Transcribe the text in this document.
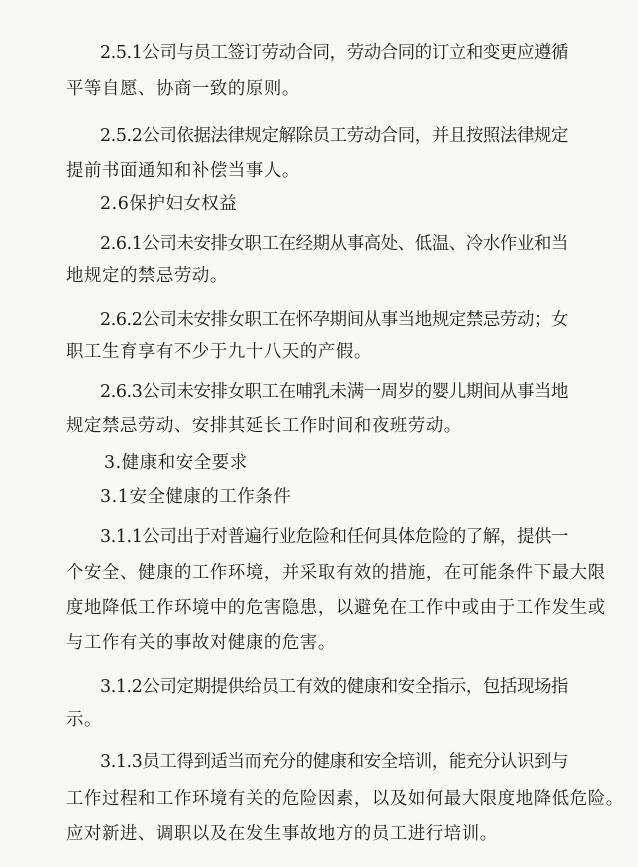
2.5.1公司与员工签订劳动合同，劳动合同的订立和变更应遵循
平等自愿、协商一致的原则。
2.5.2公司依据法律规定解除员工劳动合同，并且按照法律规定
提前书面通知和补偿当事人。
2.6保护妇女权益
2.6.1公司未安排女职工在经期从事高处、低温、冷水作业和当
地规定的禁忌劳动。
2.6.2公司未安排女职工在怀孕期间从事当地规定禁忌劳动；女
职工生育享有不少于九十八天的产假。
2.6.3公司未安排女职工在哺乳未满一周岁的婴儿期间从事当地
规定禁忌劳动、安排其延长工作时间和夜班劳动。
3.健康和安全要求
3.1安全健康的工作条件
3.1.1公司出于对普遍行业危险和任何具体危险的了解，提供一
个安全、健康的工作环境，并采取有效的措施，在可能条件下最大限
度地降低工作环境中的危害隐患，以避免在工作中或由于工作发生或
与工作有关的事故对健康的危害。
3.1.2公司定期提供给员工有效的健康和安全指示，包括现场指
示。
3.1.3员工得到适当而充分的健康和安全培训，能充分认识到与
工作过程和工作环境有关的危险因素，以及如何最大限度地降低危险。
应对新进、调职以及在发生事故地方的员工进行培训。
